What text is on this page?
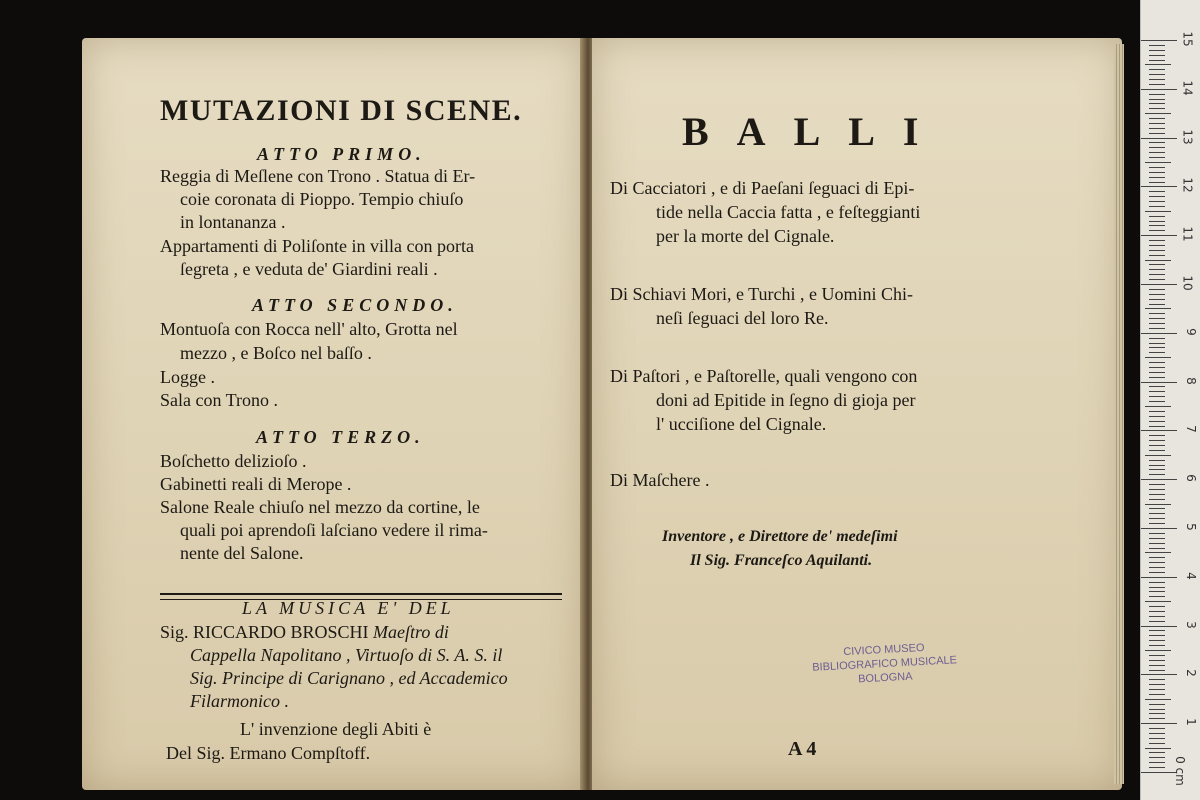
MUTAZIONI DI SCENE.
ATTO PRIMO.
Reggia di Meſlene con Trono . Statua di Er-
coie coronata di Pioppo. Tempio chiuſo
in lontananza .
Appartamenti di Poliſonte in villa con porta
ſegreta , e veduta de' Giardini reali .
ATTO SECONDO.
Montuoſa con Rocca nell' alto, Grotta nel
mezzo , e Boſco nel baſſo .
Logge .
Sala con Trono .
ATTO TERZO.
Boſchetto delizioſo .
Gabinetti reali di Merope .
Salone Reale chiuſo nel mezzo da cortine, le
quali poi aprendoſi laſciano vedere il rima-
nente del Salone.
LA MUSICA E' DEL
Sig. RICCARDO BROSCHI Maeſtro di
Cappella Napolitano , Virtuoſo di S. A. S. il
Sig. Principe di Carignano , ed Accademico
Filarmonico .
L' invenzione degli Abiti è
Del Sig. Ermano Compſtoff.
BALLI
Di Cacciatori , e di Paeſani ſeguaci di Epi-
tide nella Caccia fatta , e feſteggianti
per la morte del Cignale.
Di Schiavi Mori, e Turchi , e Uomini Chi-
neſi ſeguaci del loro Re.
Di Paſtori , e Paſtorelle, quali vengono con
doni ad Epitide in ſegno di gioja per
l' ucciſione del Cignale.
Di Maſchere .
Inventore , e Direttore de' medeſimi
Il Sig. Franceſco Aquilanti.
CIVICO MUSEO
BIBLIOGRAFICO MUSICALE
BOLOGNA
A 4
15
14
13
12
11
10
9
8
7
6
5
4
3
2
1
0 cm
